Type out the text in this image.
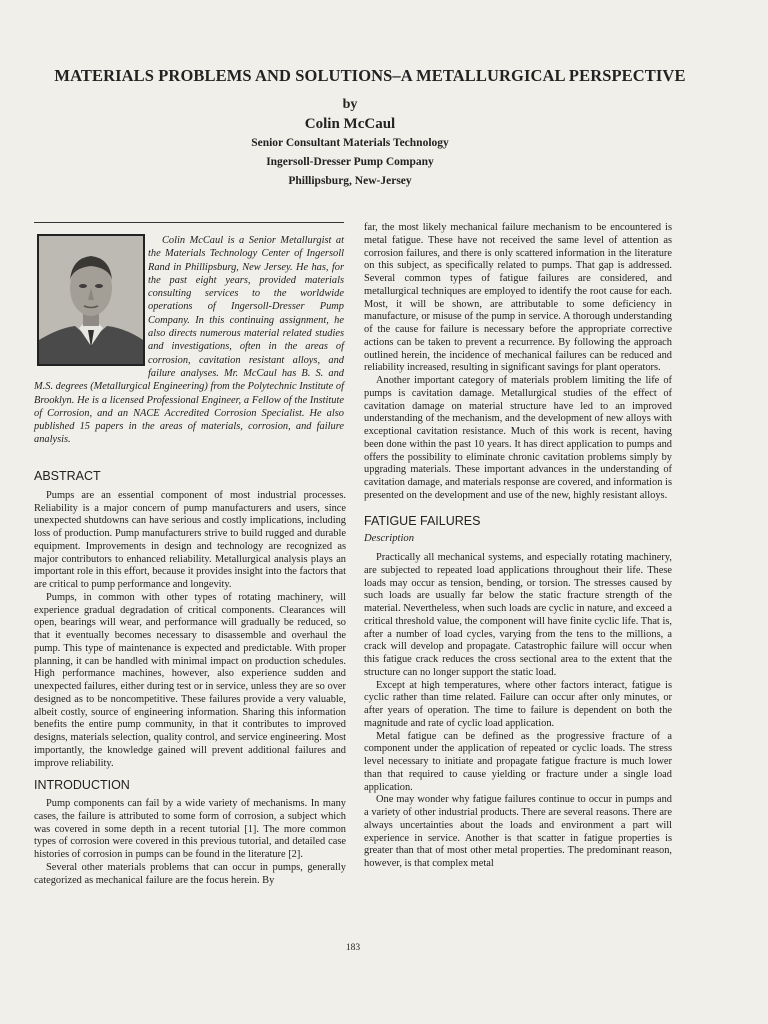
MATERIALS PROBLEMS AND SOLUTIONS–A METALLURGICAL PERSPECTIVE
by
Colin McCaul
Senior Consultant Materials Technology
Ingersoll-Dresser Pump Company
Phillipsburg, New-Jersey

Colin McCaul is a Senior Metallurgist at the Materials Technology Center of Ingersoll Rand in Phillipsburg, New Jersey. He has, for the past eight years, provided materials consulting services to the worldwide operations of Ingersoll-Dresser Pump Company. In this continuing assignment, he also directs numerous material related studies and investigations, often in the areas of corrosion, cavitation resistant alloys, and failure analyses. Mr. McCaul has B. S. and M.S. degrees (Metallurgical Engineering) from the Polytechnic Institute of Brooklyn. He is a licensed Professional Engineer, a Fellow of the Institute of Corrosion, and an NACE Accredited Corrosion Specialist. He also published 15 papers in the areas of materials, corrosion, and failure analysis.

ABSTRACT

Pumps are an essential component of most industrial processes. Reliability is a major concern of pump manufacturers and users, since unexpected shutdowns can have serious and costly implications, including loss of production. Pump manufacturers strive to build rugged and durable equipment. Improvements in design and technology are recognized as major contributors to enhanced reliability. Metallurgical analysis plays an important role in this effort, because it provides insight into the factors that are critical to pump performance and longevity.

Pumps, in common with other types of rotating machinery, will experience gradual degradation of critical components. Clearances will open, bearings will wear, and performance will gradually be reduced, so that it eventually becomes necessary to disassemble and overhaul the pump. This type of maintenance is expected and predictable. With proper planning, it can be handled with minimal impact on production schedules. High performance machines, however, also experience sudden and unexpected failures, either during test or in service, unless they are so over designed as to be noncompetitive. These failures provide a very valuable, albeit costly, source of engineering information. Sharing this information benefits the entire pump community, in that it contributes to improved designs, materials selection, quality control, and service engineering. Most importantly, the knowledge gained will prevent additional failures and improve reliability.

INTRODUCTION

Pump components can fail by a wide variety of mechanisms. In many cases, the failure is attributed to some form of corrosion, a subject which was covered in some depth in a recent tutorial [1]. The more common types of corrosion were covered in this previous tutorial, and detailed case histories of corrosion in pumps can be found in the literature [2].

Several other materials problems that can occur in pumps, generally categorized as mechanical failure are the focus herein. By

far, the most likely mechanical failure mechanism to be encountered is metal fatigue. These have not received the same level of attention as corrosion failures, and there is only scattered information in the literature on this subject, as specifically related to pumps. That gap is addressed. Several common types of fatigue failures are considered, and metallurgical techniques are employed to identify the root cause for each. Most, it will be shown, are attributable to some deficiency in manufacture, or misuse of the pump in service. A thorough understanding of the cause for failure is necessary before the appropriate corrective actions can be taken to prevent a recurrence. By following the approach outlined herein, the incidence of mechanical failures can be reduced and reliability increased, resulting in significant savings for plant operators.

Another important category of materials problem limiting the life of pumps is cavitation damage. Metallurgical studies of the effect of cavitation damage on material structure have led to an improved understanding of the mechanism, and the development of new alloys with exceptional cavitation resistance. Much of this work is recent, having been done within the past 10 years. It has direct application to pumps and offers the possibility to eliminate chronic cavitation problems simply by upgrading materials. These important advances in the understanding of cavitation damage, and materials response are covered, and information is presented on the development and use of the new, highly resistant alloys.

FATIGUE FAILURES
Description

Practically all mechanical systems, and especially rotating machinery, are subjected to repeated load applications throughout their life. These loads may occur as tension, bending, or torsion. The stresses caused by such loads are usually far below the static fracture strength of the material. Nevertheless, when such loads are cyclic in nature, and exceed a critical threshold value, the component will have finite cyclic life. That is, after a number of load cycles, varying from the tens to the millions, a crack will develop and propagate. Catastrophic failure will occur when this fatigue crack reduces the cross sectional area to the extent that the structure can no longer support the static load.

Except at high temperatures, where other factors interact, fatigue is cyclic rather than time related. Failure can occur after only minutes, or after years of operation. The time to failure is dependent on both the magnitude and rate of cyclic load application.

Metal fatigue can be defined as the progressive fracture of a component under the application of repeated or cyclic loads. The stress level necessary to initiate and propagate fatigue fracture is much lower than that required to cause yielding or fracture under a single load application.

One may wonder why fatigue failures continue to occur in pumps and a variety of other industrial products. There are several reasons. There are always uncertainties about the loads and environment a part will experience in service. Another is that scatter in fatigue properties is greater than that of most other metal properties. The predominant reason, however, is that complex metal

183
